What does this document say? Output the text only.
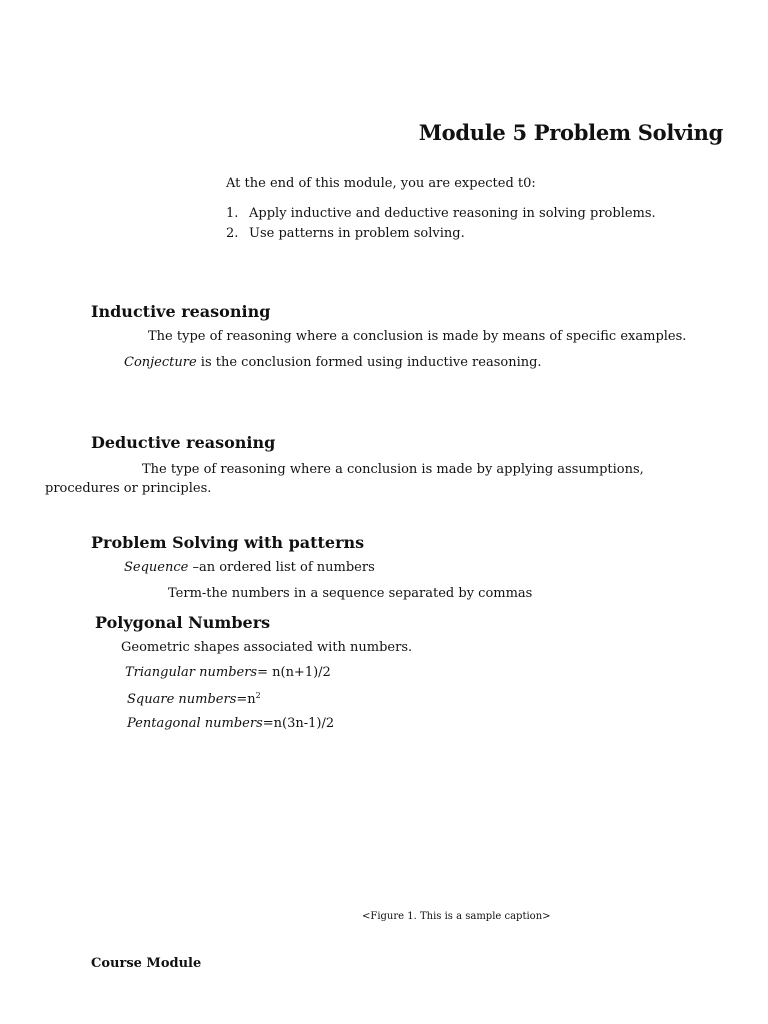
Module 5 Problem Solving
At the end of this module, you are expected t0:
1. Apply inductive and deductive reasoning in solving problems.
2. Use patterns in problem solving.
Inductive reasoning
The type of reasoning where a conclusion is made by means of specific examples.
Conjecture is the conclusion formed using inductive reasoning.
Deductive reasoning
The type of reasoning where a conclusion is made by applying assumptions, procedures or principles.
Problem Solving with patterns
Sequence –an ordered list of numbers
Term-the numbers in a sequence separated by commas
Polygonal Numbers
Geometric shapes associated with numbers.
Triangular numbers= n(n+1)/2
Square $numbers=n^2$
Pentagonal numbers=n(3n-1)/2
<Figure 1. This is a sample caption>
Course Module
